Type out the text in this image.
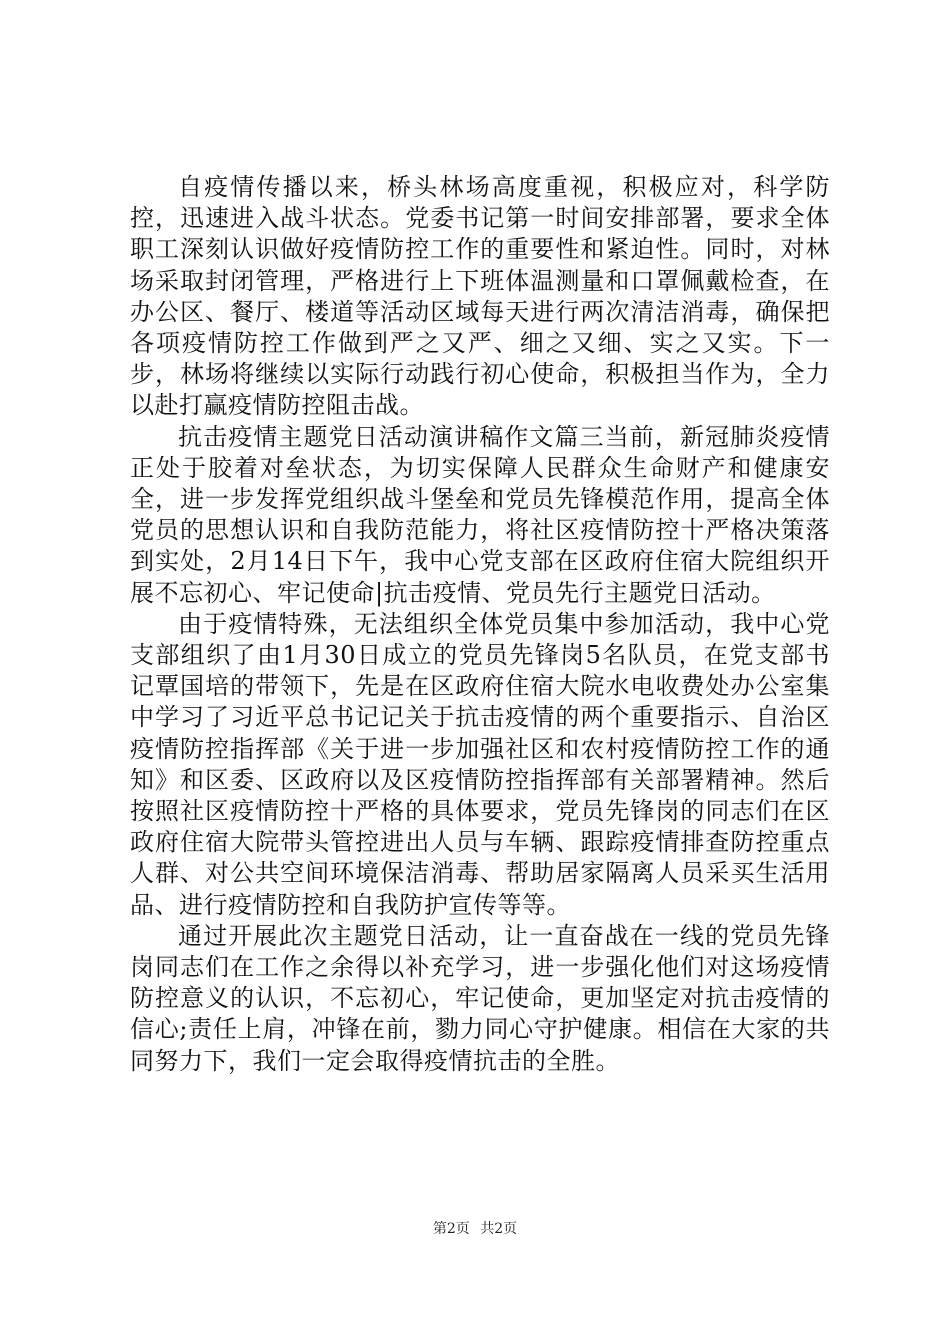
自疫情传播以来，桥头林场高度重视，积极应对，科学防控，迅速进入战斗状态。党委书记第一时间安排部署，要求全体职工深刻认识做好疫情防控工作的重要性和紧迫性。同时，对林场采取封闭管理，严格进行上下班体温测量和口罩佩戴检查，在办公区、餐厅、楼道等活动区域每天进行两次清洁消毒，确保把各项疫情防控工作做到严之又严、细之又细、实之又实。下一步，林场将继续以实际行动践行初心使命，积极担当作为，全力以赴打赢疫情防控阻击战。

抗击疫情主题党日活动演讲稿作文篇三当前，新冠肺炎疫情正处于胶着对垒状态，为切实保障人民群众生命财产和健康安全，进一步发挥党组织战斗堡垒和党员先锋模范作用，提高全体党员的思想认识和自我防范能力，将社区疫情防控十严格决策落到实处，2月14日下午，我中心党支部在区政府住宿大院组织开展不忘初心、牢记使命|抗击疫情、党员先行主题党日活动。

由于疫情特殊，无法组织全体党员集中参加活动，我中心党支部组织了由1月30日成立的党员先锋岗5名队员，在党支部书记覃国培的带领下，先是在区政府住宿大院水电收费处办公室集中学习了习近平总书记记关于抗击疫情的两个重要指示、自治区疫情防控指挥部《关于进一步加强社区和农村疫情防控工作的通知》和区委、区政府以及区疫情防控指挥部有关部署精神。然后按照社区疫情防控十严格的具体要求，党员先锋岗的同志们在区政府住宿大院带头管控进出人员与车辆、跟踪疫情排查防控重点人群、对公共空间环境保洁消毒、帮助居家隔离人员采买生活用品、进行疫情防控和自我防护宣传等等。

通过开展此次主题党日活动，让一直奋战在一线的党员先锋岗同志们在工作之余得以补充学习，进一步强化他们对这场疫情防控意义的认识，不忘初心，牢记使命，更加坚定对抗击疫情的信心;责任上肩，冲锋在前，勠力同心守护健康。相信在大家的共同努力下，我们一定会取得疫情抗击的全胜。

第2页 共2页
